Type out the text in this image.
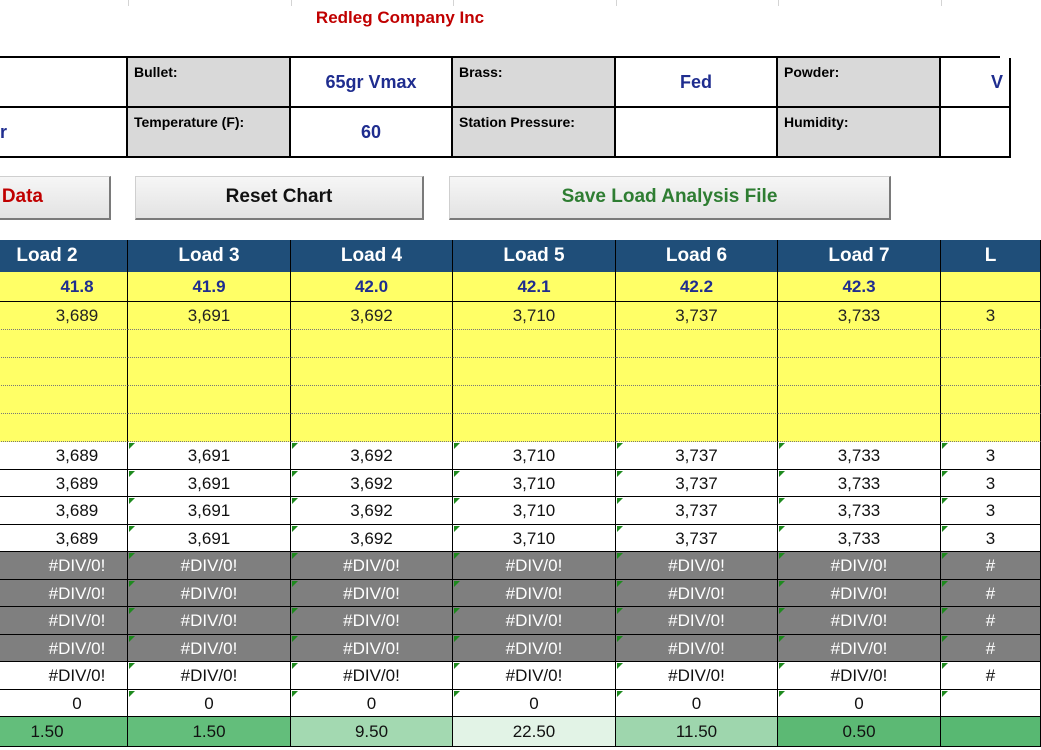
Redleg Company Inc
Bullet:	65gr Vmax	Brass:	Fed	Powder:	V
r	Temperature (F):	60	Station Pressure:	Humidity:
Data	Reset Chart	Save Load Analysis File
Load 2	Load 3	Load 4	Load 5	Load 6	Load 7	L
41.8	41.9	42.0	42.1	42.2	42.3
3,689	3,691	3,692	3,710	3,737	3,733	3
3,689	3,691	3,692	3,710	3,737	3,733	3
3,689	3,691	3,692	3,710	3,737	3,733	3
3,689	3,691	3,692	3,710	3,737	3,733	3
3,689	3,691	3,692	3,710	3,737	3,733	3
#DIV/0!	#DIV/0!	#DIV/0!	#DIV/0!	#DIV/0!	#DIV/0!	#
#DIV/0!	#DIV/0!	#DIV/0!	#DIV/0!	#DIV/0!	#DIV/0!	#
#DIV/0!	#DIV/0!	#DIV/0!	#DIV/0!	#DIV/0!	#DIV/0!	#
#DIV/0!	#DIV/0!	#DIV/0!	#DIV/0!	#DIV/0!	#DIV/0!	#
#DIV/0!	#DIV/0!	#DIV/0!	#DIV/0!	#DIV/0!	#DIV/0!	#
0	0	0	0	0	0
1.50	1.50	9.50	22.50	11.50	0.50
